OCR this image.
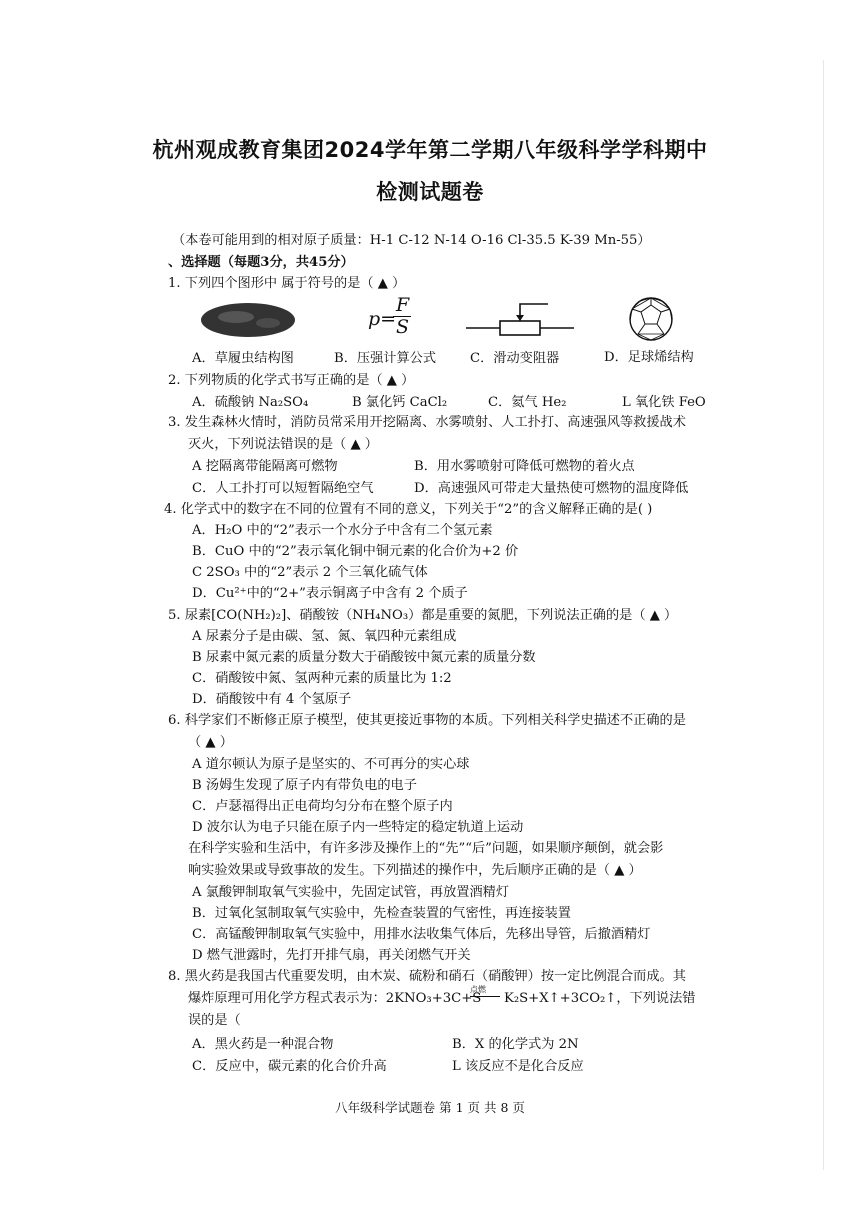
杭州观成教育集团2024学年第二学期八年级科学学科期中
检测试题卷
（本卷可能用到的相对原子质量：H-1 C-12 N-14 O-16 Cl-35.5 K-39 Mn-55）
、选择题（每题3分，共45分）
1. 下列四个图形中 属于符号的是（ ▲ ）
p=
F
S
A．草履虫结构图	B．压强计算公式	C．滑动变阻器	D．足球烯结构
2. 下列物质的化学式书写正确的是（ ▲ ）
A．硫酸钠 Na₂SO₄	B 氯化钙 CaCl₂	C．氦气 He₂	L 氧化铁 FeO
3. 发生森林火情时，消防员常采用开挖隔离、水雾喷射、人工扑打、高速强风等救援战术
灭火，下列说法错误的是（ ▲ ）
A 挖隔离带能隔离可燃物	B．用水雾喷射可降低可燃物的着火点
C．人工扑打可以短暂隔绝空气	D．高速强风可带走大量热使可燃物的温度降低
4. 化学式中的数字在不同的位置有不同的意义，下列关于“2”的含义解释正确的是( )
A．H₂O 中的“2”表示一个水分子中含有二个氢元素
B．CuO 中的“2”表示氧化铜中铜元素的化合价为+2 价
C 2SO₃ 中的“2”表示 2 个三氧化硫气体
D．Cu²⁺中的“2+”表示铜离子中含有 2 个质子
5. 尿素[CO(NH₂)₂]、硝酸铵（NH₄NO₃）都是重要的氮肥，下列说法正确的是（ ▲ ）
A 尿素分子是由碳、氢、氮、氧四种元素组成
B 尿素中氮元素的质量分数大于硝酸铵中氮元素的质量分数
C．硝酸铵中氮、氢两种元素的质量比为 1:2
D．硝酸铵中有 4 个氢原子
6. 科学家们不断修正原子模型，使其更接近事物的本质。下列相关科学史描述不正确的是
（ ▲ ）
A 道尔顿认为原子是坚实的、不可再分的实心球
B 汤姆生发现了原子内有带负电的电子
C．卢瑟福得出正电荷均匀分布在整个原子内
D 波尔认为电子只能在原子内一些特定的稳定轨道上运动
在科学实验和生活中，有许多涉及操作上的“先”“后”问题，如果顺序颠倒，就会影
响实验效果或导致事故的发生。下列描述的操作中，先后顺序正确的是（ ▲ ）
A 氯酸钾制取氧气实验中，先固定试管，再放置酒精灯
B．过氧化氢制取氧气实验中，先检查装置的气密性，再连接装置
C．高锰酸钾制取氧气实验中，用排水法收集气体后，先移出导管，后撤酒精灯
D 燃气泄露时，先打开排气扇，再关闭燃气开关
8. 黑火药是我国古代重要发明，由木炭、硫粉和硝石（硝酸钾）按一定比例混合而成。其
爆炸原理可用化学方程式表示为：2KNO₃+3C+S
点燃
K₂S+X↑+3CO₂↑，下列说法错
误的是（
A．黑火药是一种混合物	B．X 的化学式为 2N
C．反应中，碳元素的化合价升高	L 该反应不是化合反应
八年级科学试题卷 第 1 页 共 8 页
